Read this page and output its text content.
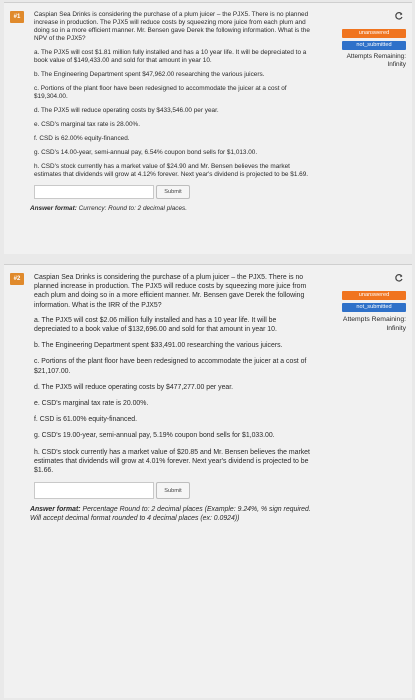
#1	Caspian Sea Drinks is considering the purchase of a plum juicer – the PJX5. There is no planned increase in production. The PJX5 will reduce costs by squeezing more juice from each plum and doing so in a more efficient manner. Mr. Bensen gave Derek the following information. What is the NPV of the PJX5?
a. The PJX5 will cost $1.81 million fully installed and has a 10 year life. It will be depreciated to a book value of $149,433.00 and sold for that amount in year 10.
b. The Engineering Department spent $47,962.00 researching the various juicers.
c. Portions of the plant floor have been redesigned to accommodate the juicer at a cost of $19,304.00.
d. The PJX5 will reduce operating costs by $433,546.00 per year.
e. CSD's marginal tax rate is 28.00%.
f. CSD is 62.00% equity-financed.
g. CSD's 14.00-year, semi-annual pay, 6.54% coupon bond sells for $1,013.00.
h. CSD's stock currently has a market value of $24.90 and Mr. Bensen believes the market estimates that dividends will grow at 4.12% forever. Next year's dividend is projected to be $1.69.
Submit
Answer format: Currency: Round to: 2 decimal places.
unanswered
not_submitted
Attempts Remaining:
Infinity
#2	Caspian Sea Drinks is considering the purchase of a plum juicer – the PJX5. There is no planned increase in production. The PJX5 will reduce costs by squeezing more juice from each plum and doing so in a more efficient manner. Mr. Bensen gave Derek the following information. What is the IRR of the PJX5?
a. The PJX5 will cost $2.06 million fully installed and has a 10 year life. It will be depreciated to a book value of $132,696.00 and sold for that amount in year 10.
b. The Engineering Department spent $33,491.00 researching the various juicers.
c. Portions of the plant floor have been redesigned to accommodate the juicer at a cost of $21,107.00.
d. The PJX5 will reduce operating costs by $477,277.00 per year.
e. CSD's marginal tax rate is 20.00%.
f. CSD is 61.00% equity-financed.
g. CSD's 19.00-year, semi-annual pay, 5.19% coupon bond sells for $1,033.00.
h. CSD's stock currently has a market value of $20.85 and Mr. Bensen believes the market estimates that dividends will grow at 4.01% forever. Next year's dividend is projected to be $1.66.
Submit
Answer format: Percentage Round to: 2 decimal places (Example: 9.24%, % sign required. Will accept decimal format rounded to 4 decimal places (ex: 0.0924))
unanswered
not_submitted
Attempts Remaining:
Infinity
